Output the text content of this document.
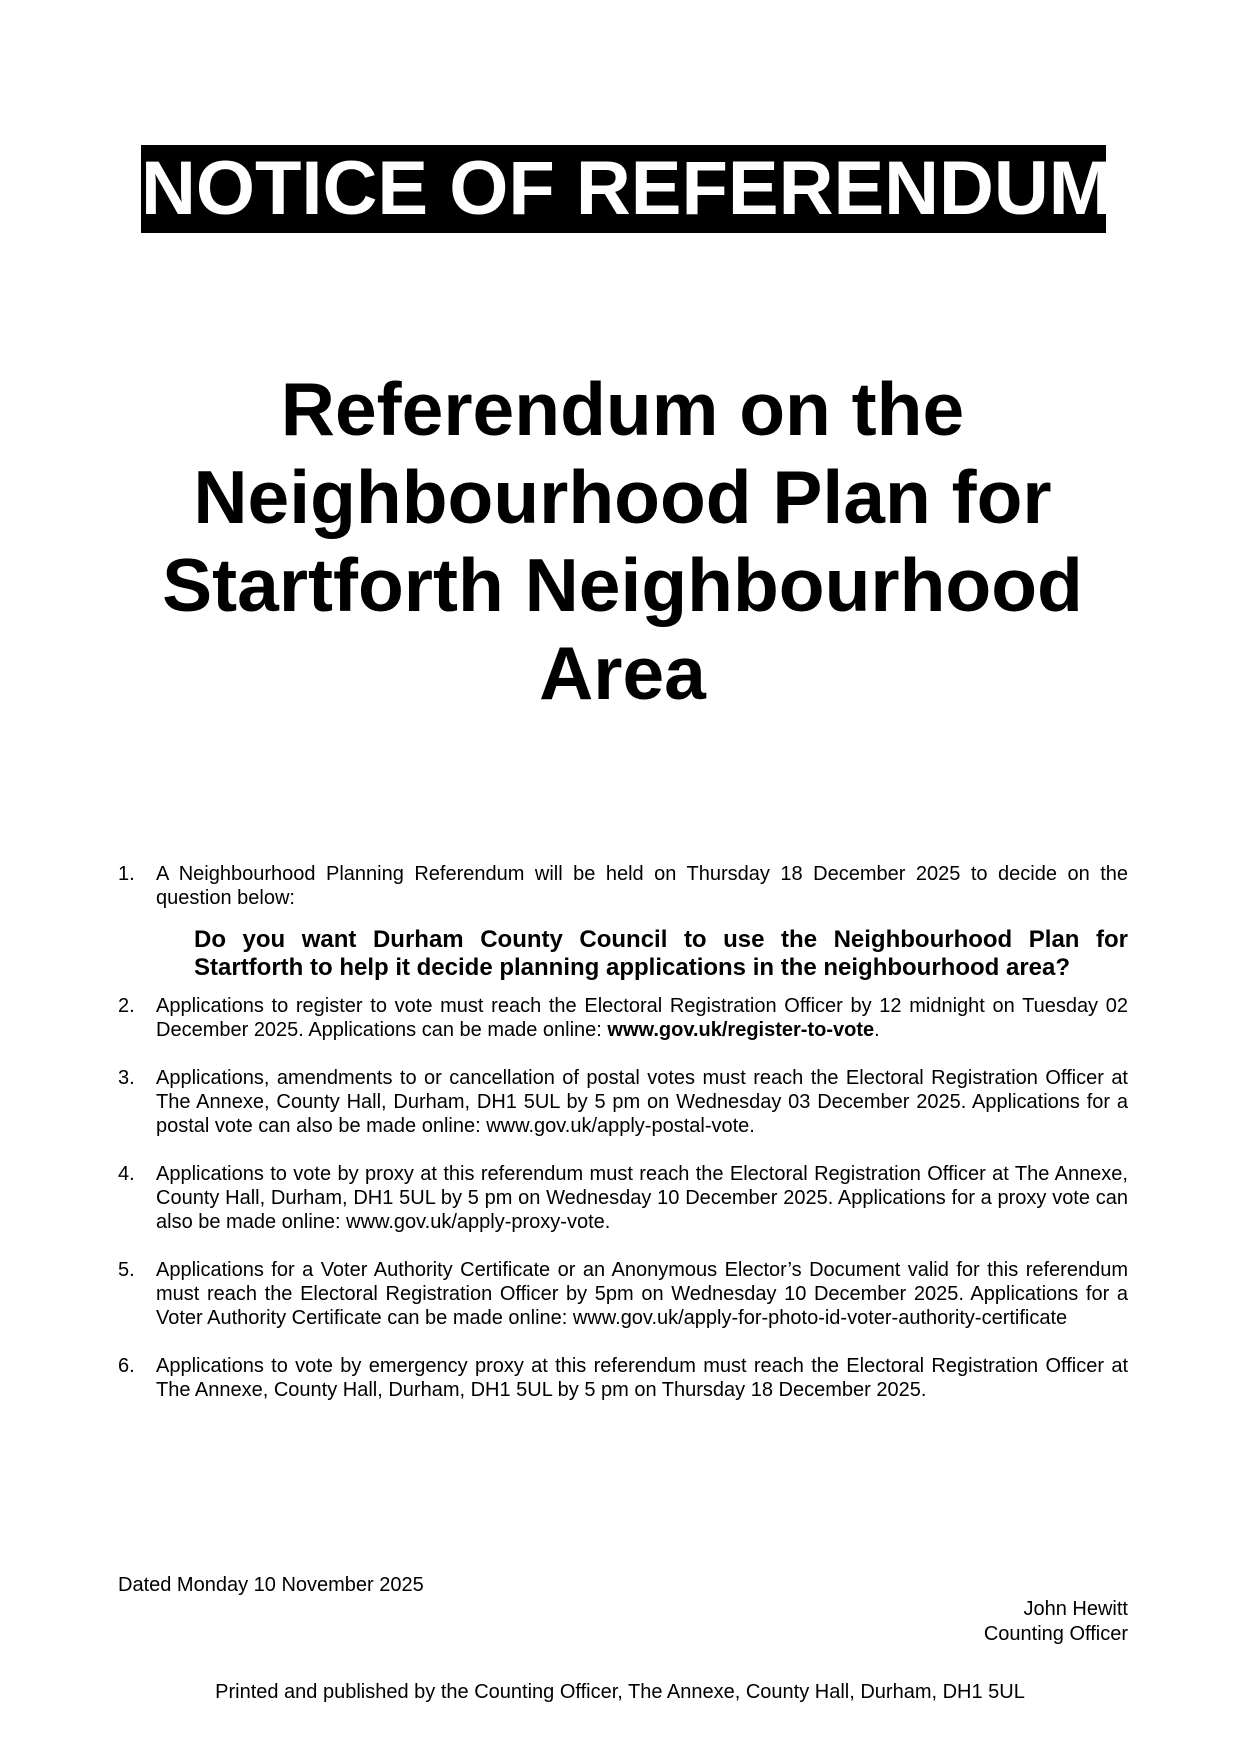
NOTICE OF REFERENDUM
Referendum on the
Neighbourhood Plan for
Startforth Neighbourhood
Area
1. A Neighbourhood Planning Referendum will be held on Thursday 18 December 2025 to decide on the question below:
Do you want Durham County Council to use the Neighbourhood Plan for Startforth to help it decide planning applications in the neighbourhood area?
2. Applications to register to vote must reach the Electoral Registration Officer by 12 midnight on Tuesday 02 December 2025. Applications can be made online: www.gov.uk/register-to-vote.
3. Applications, amendments to or cancellation of postal votes must reach the Electoral Registration Officer at The Annexe, County Hall, Durham, DH1 5UL by 5 pm on Wednesday 03 December 2025. Applications for a postal vote can also be made online: www.gov.uk/apply-postal-vote.
4. Applications to vote by proxy at this referendum must reach the Electoral Registration Officer at The Annexe, County Hall, Durham, DH1 5UL by 5 pm on Wednesday 10 December 2025. Applications for a proxy vote can also be made online: www.gov.uk/apply-proxy-vote.
5. Applications for a Voter Authority Certificate or an Anonymous Elector’s Document valid for this referendum must reach the Electoral Registration Officer by 5pm on Wednesday 10 December 2025. Applications for a Voter Authority Certificate can be made online: www.gov.uk/apply-for-photo-id-voter-authority-certificate
6. Applications to vote by emergency proxy at this referendum must reach the Electoral Registration Officer at The Annexe, County Hall, Durham, DH1 5UL by 5 pm on Thursday 18 December 2025.
Dated Monday 10 November 2025
John Hewitt
Counting Officer
Printed and published by the Counting Officer, The Annexe, County Hall, Durham, DH1 5UL
